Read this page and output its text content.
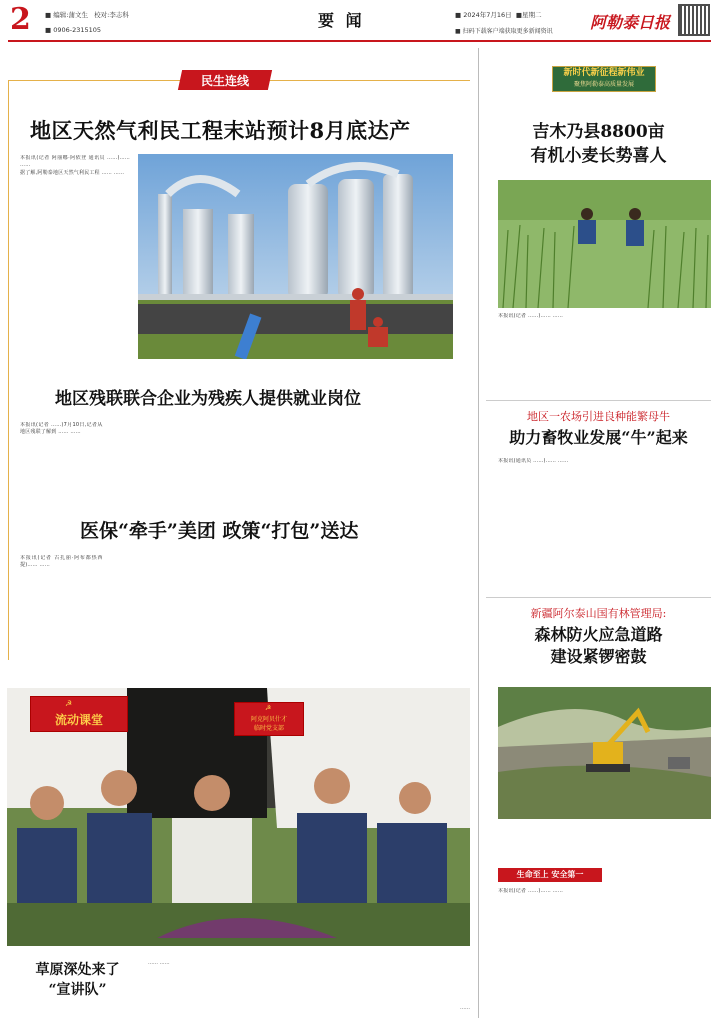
2 ■ 编辑:蒲文生 校对:李志科
■ 0906-2315105	要 闻	■ 2024年7月16日 ■星期二
■ 扫码下载客户端获取更多新闻资讯 阿勒泰日报
民生连线
地区天然气利民工程末站预计8月底达产
本报讯(记者 阿丽娜·阿依登 通讯员 ……)…… ……
据了解,阿勒泰地区天然气利民工程 …… ……
地区残联联合企业为残疾人提供就业岗位
本报讯(记者 ……)7月10日,记者从地区残联了解到 …… ……
医保“牵手”美团 政策“打包”送达
本报讯(记者 古扎丽·阿布都热西提)…… ……
新时代新征程新伟业
聚焦阿勒泰高质量发展
吉木乃县8800亩
有机小麦长势喜人
本报讯(记者 ……)…… ……
地区一农场引进良种能繁母牛
助力畜牧业发展“牛”起来
本报讯(通讯员 ……)…… ……
新疆阿尔泰山国有林管理局:
森林防火应急道路
建设紧锣密鼓
生命至上 安全第一
本报讯(记者 ……)…… ……
☭
流动课堂
☭
阿克阿贝什才
临时党支部
草原深处来了
“宣讲队”
…… ……
……
